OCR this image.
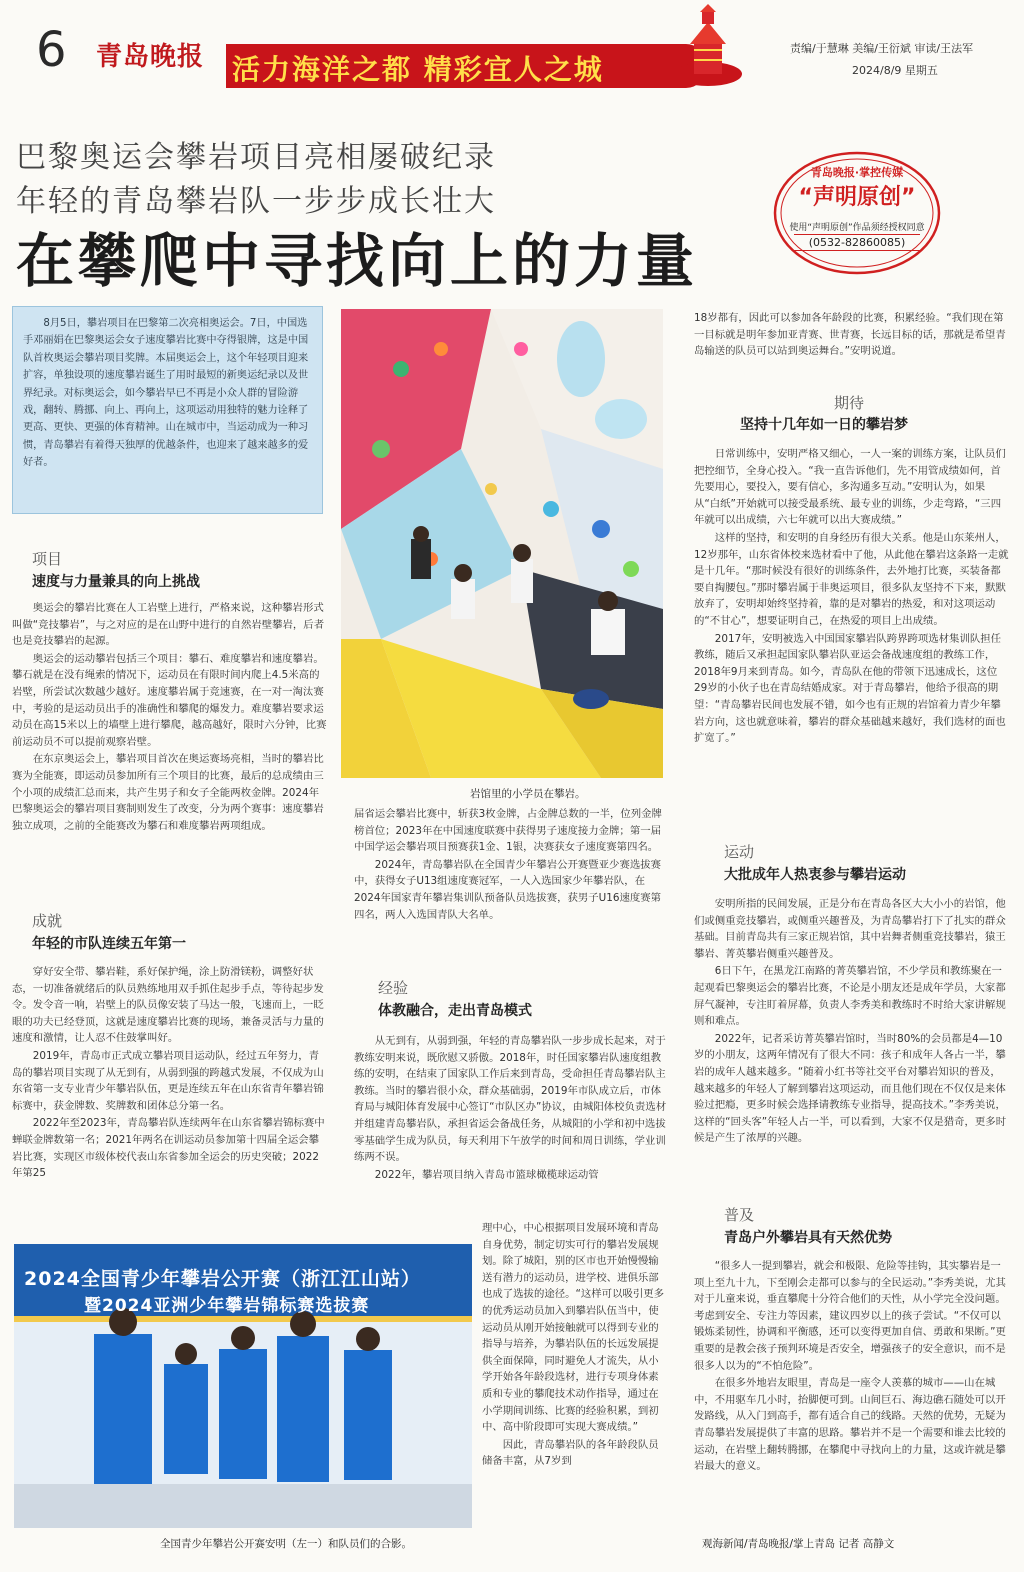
6 青岛晚报 活力海洋之都 精彩宜人之城
责编/于慧琳 美编/王衍斌 审读/王法军
2024/8/9 星期五
巴黎奥运会攀岩项目亮相屡破纪录
年轻的青岛攀岩队一步步成长壮大
在攀爬中寻找向上的力量
青岛晚报·掌控传媒
“声明原创”
使用“声明原创”作品须经授权同意
(0532-82860085)

8月5日，攀岩项目在巴黎第二次亮相奥运会。7日，中国选手邓丽娟在巴黎奥运会女子速度攀岩比赛中夺得银牌，这是中国队首枚奥运会攀岩项目奖牌。本届奥运会上，这个年轻项目迎来扩容，单独设项的速度攀岩诞生了用时最短的新奥运纪录以及世界纪录。对标奥运会，如今攀岩早已不再是小众人群的冒险游戏，翻转、腾挪、向上、再向上，这项运动用独特的魅力诠释了更高、更快、更强的体育精神。山在城市中，当运动成为一种习惯，青岛攀岩有着得天独厚的优越条件，也迎来了越来越多的爱好者。

项目
速度与力量兼具的向上挑战

奥运会的攀岩比赛在人工岩壁上进行，严格来说，这种攀岩形式叫做“竞技攀岩”，与之对应的是在山野中进行的自然岩壁攀岩，后者也是竞技攀岩的起源。

奥运会的运动攀岩包括三个项目：攀石、难度攀岩和速度攀岩。攀石就是在没有绳索的情况下，运动员在有限时间内爬上4.5米高的岩壁，所尝试次数越少越好。速度攀岩属于竞速赛，在一对一淘汰赛中，考验的是运动员出手的准确性和攀爬的爆发力。难度攀岩要求运动员在高15米以上的墙壁上进行攀爬，越高越好，限时六分钟，比赛前运动员不可以提前观察岩壁。

在东京奥运会上，攀岩项目首次在奥运赛场亮相，当时的攀岩比赛为全能赛，即运动员参加所有三个项目的比赛，最后的总成绩由三个小项的成绩汇总而来，共产生男子和女子全能两枚金牌。2024年巴黎奥运会的攀岩项目赛制则发生了改变，分为两个赛事：速度攀岩独立成项，之前的全能赛改为攀石和难度攀岩两项组成。

成就
年轻的市队连续五年第一

穿好安全带、攀岩鞋，系好保护绳，涂上防滑镁粉，调整好状态，一切准备就绪后的队员熟练地用双手抓住起步手点，等待起步发令。发令音一响，岩壁上的队员像安装了马达一般，飞速而上，一眨眼的功夫已经登顶，这就是速度攀岩比赛的现场，兼备灵活与力量的速度和激情，让人忍不住鼓掌叫好。

2019年，青岛市正式成立攀岩项目运动队，经过五年努力，青岛的攀岩项目实现了从无到有，从弱到强的跨越式发展，不仅成为山东省第一支专业青少年攀岩队伍，更是连续五年在山东省青年攀岩锦标赛中，获金牌数、奖牌数和团体总分第一名。

2022年至2023年，青岛攀岩队连续两年在山东省攀岩锦标赛中蝉联金牌数第一名；2021年两名在训运动员参加第十四届全运会攀岩比赛，实现区市级体校代表山东省参加全运会的历史突破；2022年第25

岩馆里的小学员在攀岩。

届省运会攀岩比赛中，斩获3枚金牌，占金牌总数的一半，位列金牌榜首位；2023年在中国速度联赛中获得男子速度接力金牌；第一届中国学运会攀岩项目预赛获1金、1银，决赛获女子速度赛第四名。

2024年，青岛攀岩队在全国青少年攀岩公开赛暨亚少赛选拔赛中，获得女子U13组速度赛冠军，一人入选国家少年攀岩队，在2024年国家青年攀岩集训队预备队员选拔赛，获男子U16速度赛第四名，两人入选国青队大名单。

经验
体教融合，走出青岛模式

从无到有，从弱到强，年轻的青岛攀岩队一步步成长起来，对于教练安明来说，既欣慰又骄傲。2018年，时任国家攀岩队速度组教练的安明，在结束了国家队工作后来到青岛，受命担任青岛攀岩队主教练。当时的攀岩很小众，群众基础弱，2019年市队成立后，市体育局与城阳体育发展中心签订“市队区办”协议，由城阳体校负责选材并组建青岛攀岩队，承担省运会备战任务，从城阳的小学和初中选拔零基础学生成为队员，每天利用下午放学的时间和周日训练，学业训练两不误。

2022年，攀岩项目纳入青岛市篮球橄榄球运动管

理中心，中心根据项目发展环境和青岛自身优势，制定切实可行的攀岩发展规划。除了城阳，别的区市也开始慢慢输送有潜力的运动员，进学校、进俱乐部也成了选拔的途径。“这样可以吸引更多的优秀运动员加入到攀岩队伍当中，使运动员从刚开始接触就可以得到专业的指导与培养，为攀岩队伍的长远发展提供全面保障，同时避免人才流失，从小学开始各年龄段选材，进行专项身体素质和专业的攀爬技术动作指导，通过在小学期间训练、比赛的经验积累，到初中、高中阶段即可实现大赛成绩。”

因此，青岛攀岩队的各年龄段队员储备丰富，从7岁到

2024全国青少年攀岩公开赛（浙江江山站）
暨2024亚洲少年攀岩锦标赛选拔赛
全国青少年攀岩公开赛安明（左一）和队员们的合影。

18岁都有，因此可以参加各年龄段的比赛，积累经验。“我们现在第一目标就是明年参加亚青赛、世青赛，长远目标的话，那就是希望青岛输送的队员可以站到奥运舞台。”安明说道。

期待
坚持十几年如一日的攀岩梦

日常训练中，安明严格又细心，一人一案的训练方案，让队员们把控细节，全身心投入。“我一直告诉他们，先不用管成绩如何，首先要用心，要投入，要有信心，多沟通多互动。”安明认为，如果从“白纸”开始就可以接受最系统、最专业的训练，少走弯路，“三四年就可以出成绩，六七年就可以出大赛成绩。”

这样的坚持，和安明的自身经历有很大关系。他是山东莱州人，12岁那年，山东省体校来选材看中了他，从此他在攀岩这条路一走就是十几年。“那时候没有很好的训练条件，去外地打比赛，买装备都要自掏腰包。”那时攀岩属于非奥运项目，很多队友坚持不下来，默默放弃了，安明却始终坚持着，靠的是对攀岩的热爱，和对这项运动的“不甘心”，想要证明自己，在热爱的项目上出成绩。

2017年，安明被选入中国国家攀岩队跨界跨项选材集训队担任教练，随后又承担起国家队攀岩队亚运会备战速度组的教练工作，2018年9月来到青岛。如今，青岛队在他的带领下迅速成长，这位29岁的小伙子也在青岛结婚成家。对于青岛攀岩，他给予很高的期望：“青岛攀岩民间也发展不错，如今也有正规的岩馆着力青少年攀岩方向，这也就意味着，攀岩的群众基础越来越好，我们选材的面也扩宽了。”

运动
大批成年人热衷参与攀岩运动

安明所指的民间发展，正是分布在青岛各区大大小小的岩馆，他们或侧重竞技攀岩，或侧重兴趣普及，为青岛攀岩打下了扎实的群众基础。目前青岛共有三家正规岩馆，其中岩舞者侧重竞技攀岩，猿王攀岩、菁英攀岩侧重兴趣普及。

6日下午，在黑龙江南路的菁英攀岩馆，不少学员和教练聚在一起观看巴黎奥运会的攀岩比赛，不论是小朋友还是成年学员，大家都屏气凝神，专注盯着屏幕，负责人李秀美和教练时不时给大家讲解规则和难点。

2022年，记者采访菁英攀岩馆时，当时80%的会员都是4—10岁的小朋友，这两年情况有了很大不同：孩子和成年人各占一半，攀岩的成年人越来越多。“随着小红书等社交平台对攀岩知识的普及，越来越多的年轻人了解到攀岩这项运动，而且他们现在不仅仅是来体验过把瘾，更多时候会选择请教练专业指导，提高技术。”李秀美说，这样的“回头客”年轻人占一半，可以看到，大家不仅是猎奇，更多时候是产生了浓厚的兴趣。

普及
青岛户外攀岩具有天然优势

“很多人一提到攀岩，就会和极限、危险等挂钩，其实攀岩是一项上至九十九，下至刚会走都可以参与的全民运动。”李秀美说，尤其对于儿童来说，垂直攀爬十分符合他们的天性，从小学完全没问题。考虑到安全、专注力等因素，建议四岁以上的孩子尝试。“不仅可以锻炼柔韧性，协调和平衡感，还可以变得更加自信、勇敢和果断。”更重要的是教会孩子预判环境是否安全，增强孩子的安全意识，而不是很多人以为的“不怕危险”。

在很多外地岩友眼里，青岛是一座令人羡慕的城市——山在城中，不用驱车几小时，抬脚便可到。山间巨石、海边礁石随处可以开发路线，从入门到高手，都有适合自己的线路。天然的优势，无疑为青岛攀岩发展提供了丰富的思路。攀岩并不是一个需要和谁去比较的运动，在岩壁上翻转腾挪，在攀爬中寻找向上的力量，这或许就是攀岩最大的意义。

观海新闻/青岛晚报/掌上青岛 记者 高静文
